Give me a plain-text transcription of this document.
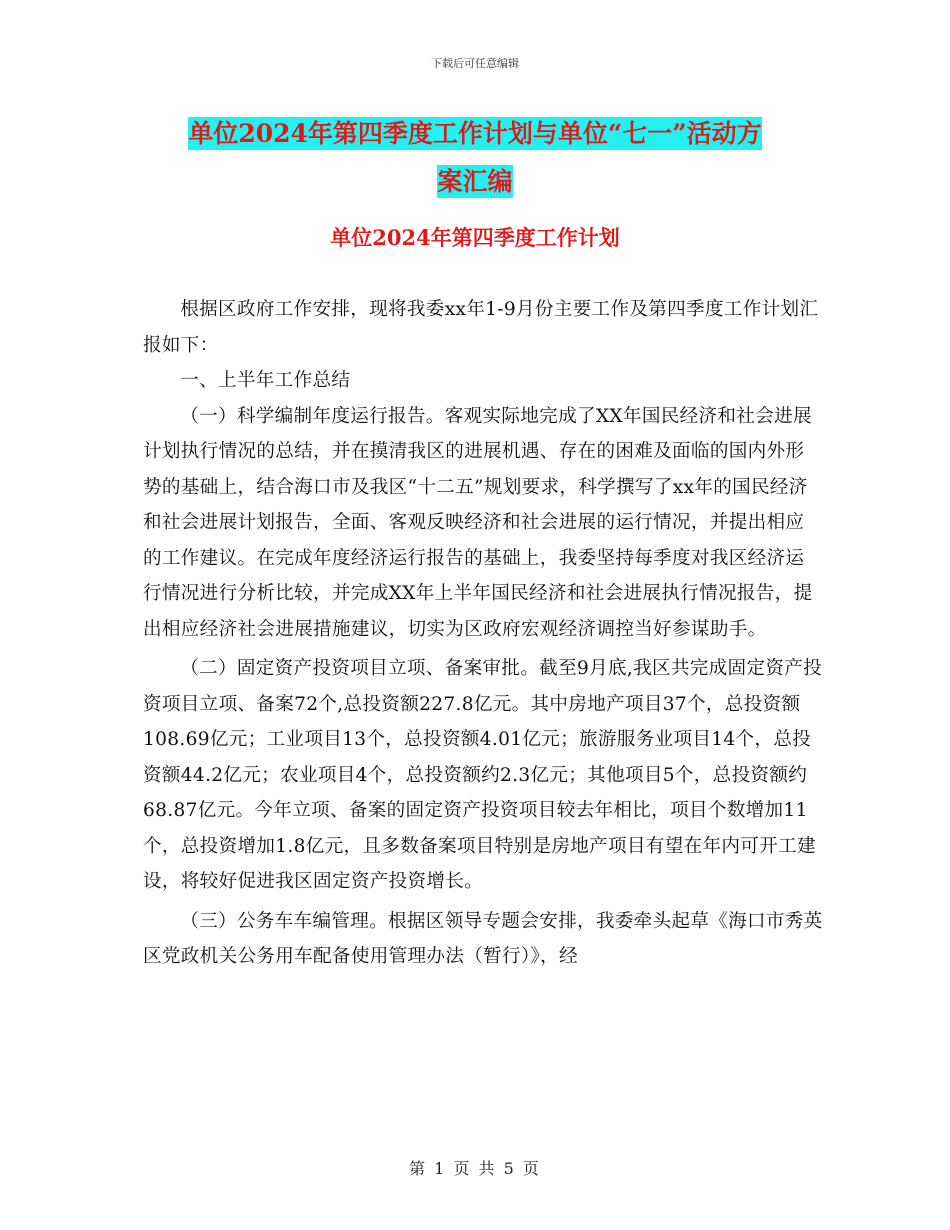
下载后可任意编辑
单位2024年第四季度工作计划与单位“七一”活动方
案汇编
单位2024年第四季度工作计划

根据区政府工作安排，现将我委xx年1-9月份主要工作及第四季度工作计划汇报如下：

一、上半年工作总结

（一）科学编制年度运行报告。客观实际地完成了XX年国民经济和社会进展计划执行情况的总结，并在摸清我区的进展机遇、存在的困难及面临的国内外形势的基础上，结合海口市及我区“十二五”规划要求，科学撰写了xx年的国民经济和社会进展计划报告，全面、客观反映经济和社会进展的运行情况，并提出相应的工作建议。在完成年度经济运行报告的基础上，我委坚持每季度对我区经济运行情况进行分析比较，并完成XX年上半年国民经济和社会进展执行情况报告，提出相应经济社会进展措施建议，切实为区政府宏观经济调控当好参谋助手。

（二）固定资产投资项目立项、备案审批。截至9月底,我区共完成固定资产投资项目立项、备案72个,总投资额227.8亿元。其中房地产项目37个，总投资额108.69亿元；工业项目13个，总投资额4.01亿元；旅游服务业项目14个，总投资额44.2亿元；农业项目4个，总投资额约2.3亿元；其他项目5个，总投资额约68.87亿元。今年立项、备案的固定资产投资项目较去年相比，项目个数增加11个，总投资增加1.8亿元，且多数备案项目特别是房地产项目有望在年内可开工建设，将较好促进我区固定资产投资增长。

（三）公务车车编管理。根据区领导专题会安排，我委牵头起草《海口市秀英区党政机关公务用车配备使用管理办法（暂行）》，经

第 1 页 共 5 页
